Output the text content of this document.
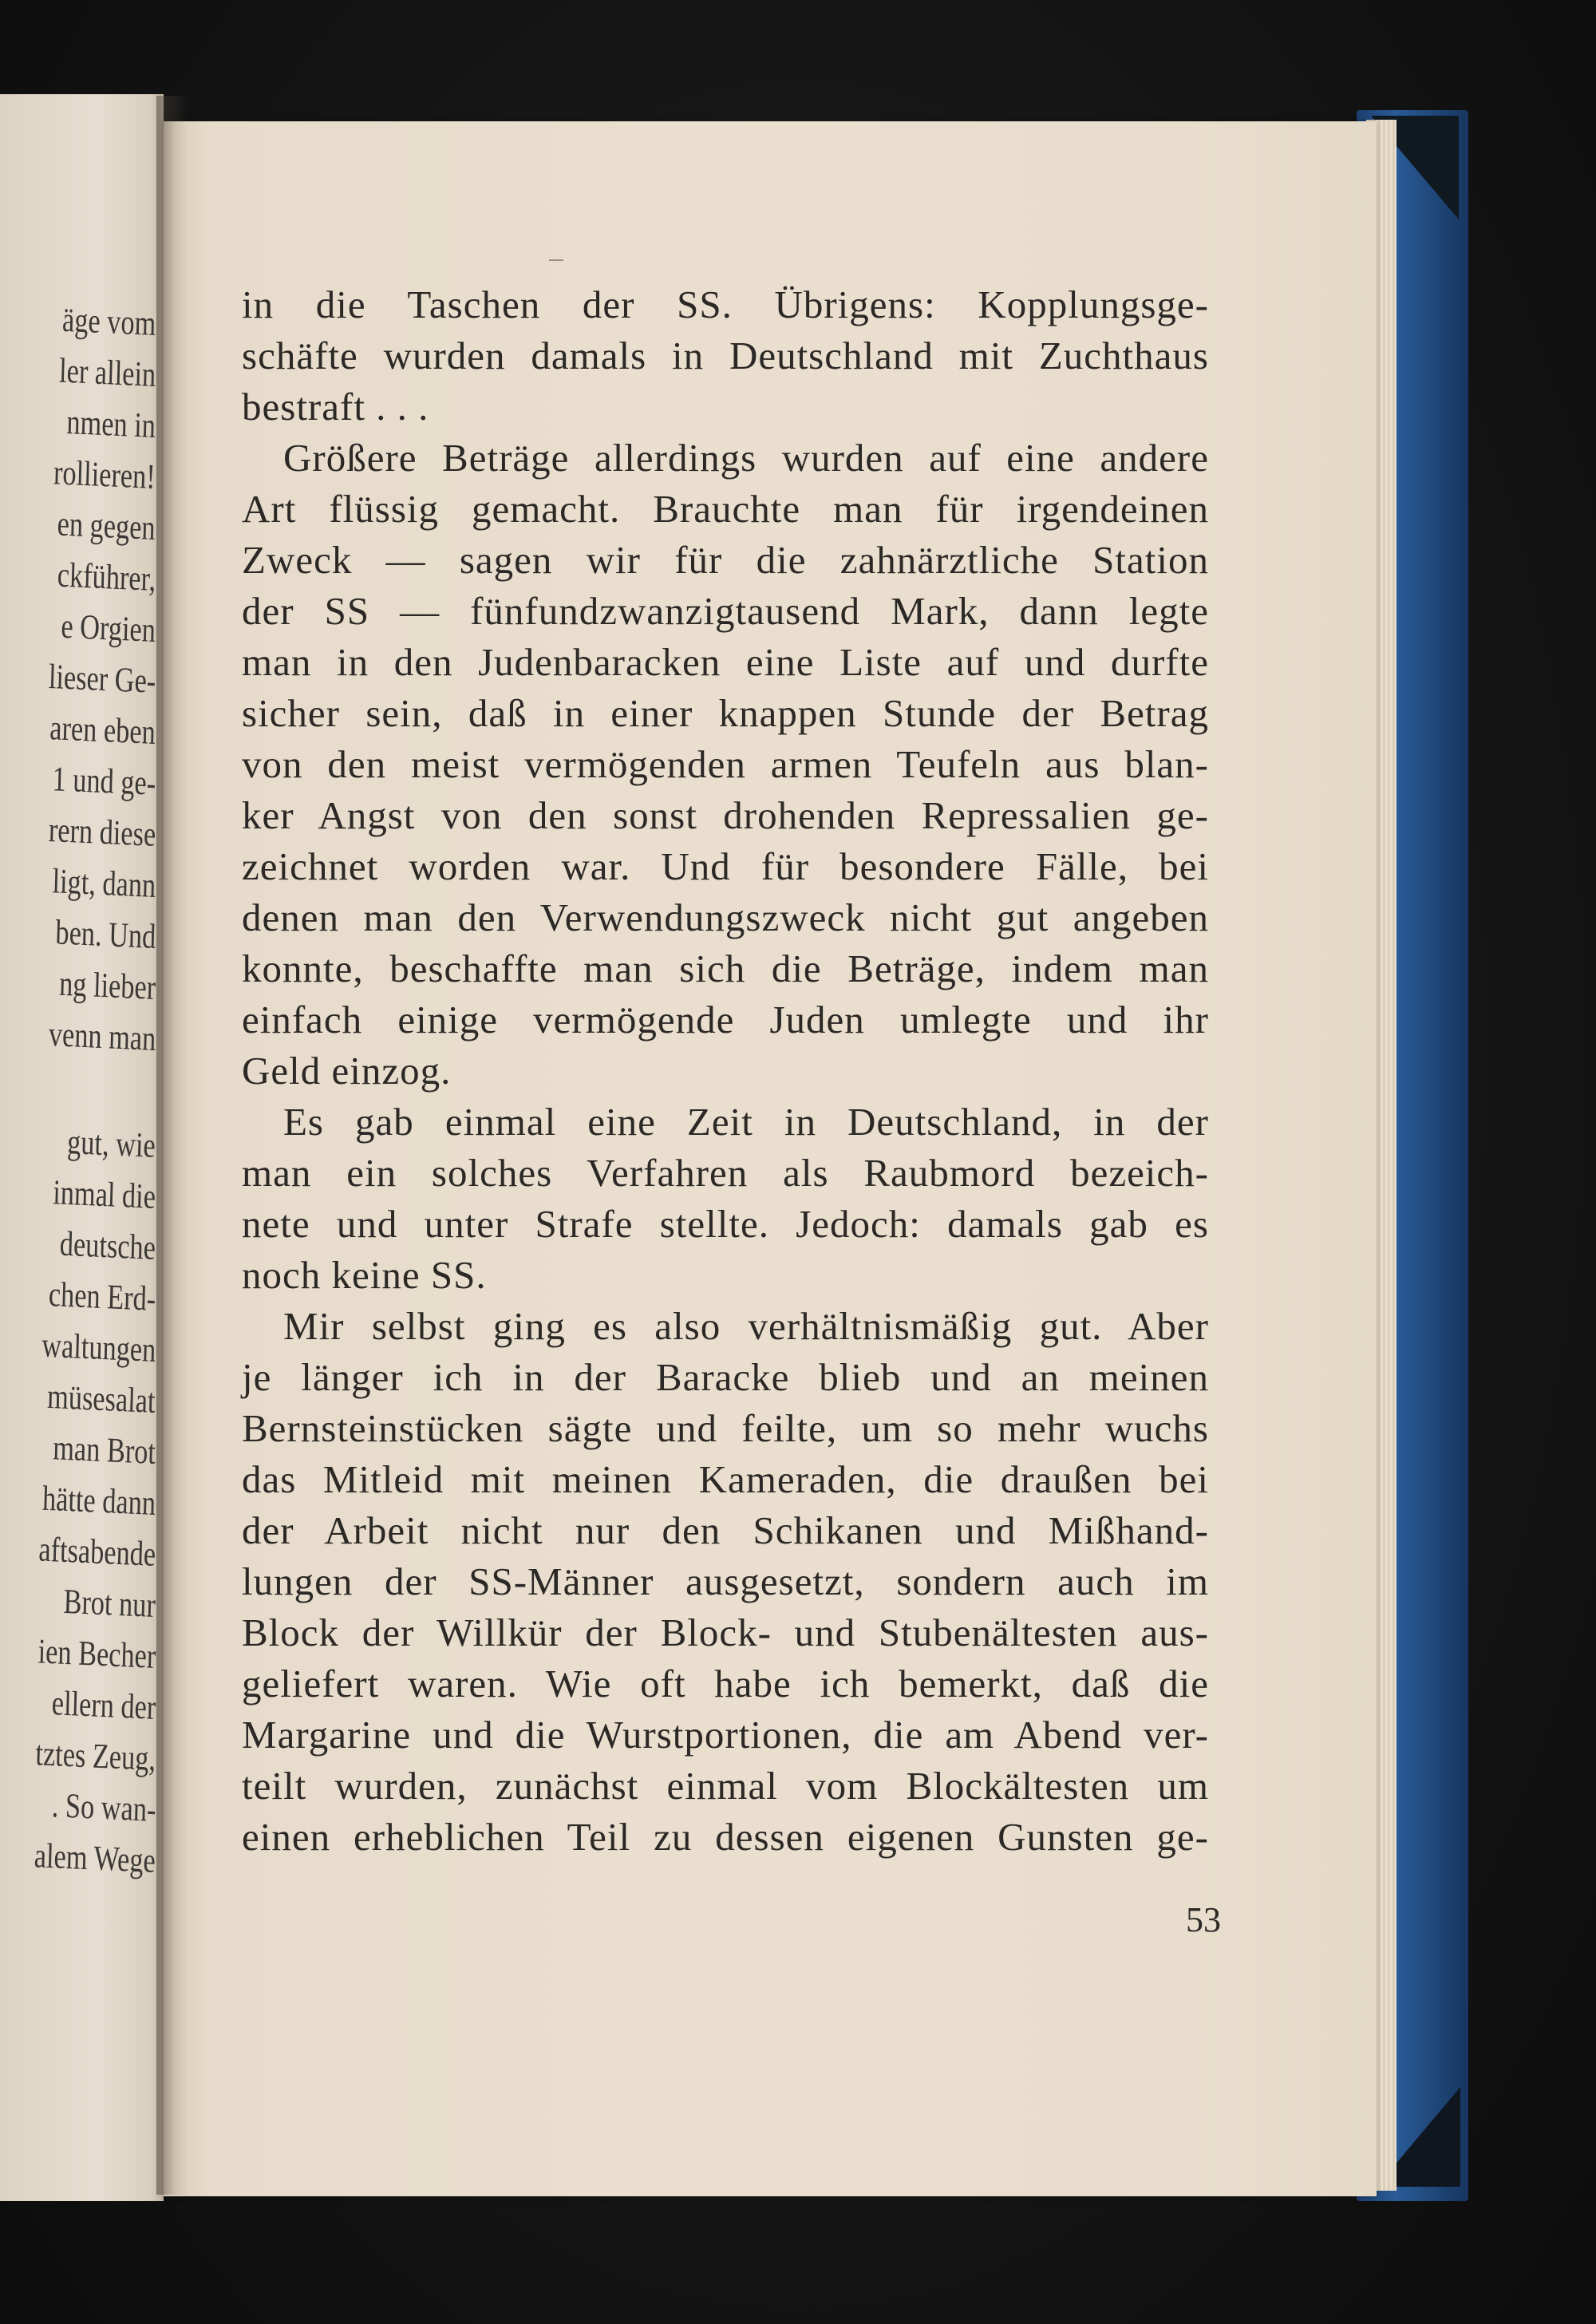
äge vom
ler allein
nmen in
rollieren!
en gegen
ckführer,
e Orgien
lieser Ge-
aren eben
1 und ge-
rern diese
ligt, dann
ben. Und
ng lieber
venn man
gut, wie
inmal die
deutsche
chen Erd-
waltungen
müsesalat
man Brot
hätte dann
aftsabende
Brot nur
ien Becher
ellern der
tztes Zeug,
. So wan-
alem Wege
in die Taschen der SS. Übrigens: Kopplungsge-
schäfte wurden damals in Deutschland mit Zuchthaus
bestraft . . .
Größere Beträge allerdings wurden auf eine andere
Art flüssig gemacht. Brauchte man für irgendeinen
Zweck — sagen wir für die zahnärztliche Station
der SS — fünfundzwanzigtausend Mark, dann legte
man in den Judenbaracken eine Liste auf und durfte
sicher sein, daß in einer knappen Stunde der Betrag
von den meist vermögenden armen Teufeln aus blan-
ker Angst von den sonst drohenden Repressalien ge-
zeichnet worden war. Und für besondere Fälle, bei
denen man den Verwendungszweck nicht gut angeben
konnte, beschaffte man sich die Beträge, indem man
einfach einige vermögende Juden umlegte und ihr
Geld einzog.
Es gab einmal eine Zeit in Deutschland, in der
man ein solches Verfahren als Raubmord bezeich-
nete und unter Strafe stellte. Jedoch: damals gab es
noch keine SS.
Mir selbst ging es also verhältnismäßig gut. Aber
je länger ich in der Baracke blieb und an meinen
Bernsteinstücken sägte und feilte, um so mehr wuchs
das Mitleid mit meinen Kameraden, die draußen bei
der Arbeit nicht nur den Schikanen und Mißhand-
lungen der SS-Männer ausgesetzt, sondern auch im
Block der Willkür der Block- und Stubenältesten aus-
geliefert waren. Wie oft habe ich bemerkt, daß die
Margarine und die Wurstportionen, die am Abend ver-
teilt wurden, zunächst einmal vom Blockältesten um
einen erheblichen Teil zu dessen eigenen Gunsten ge-
53
